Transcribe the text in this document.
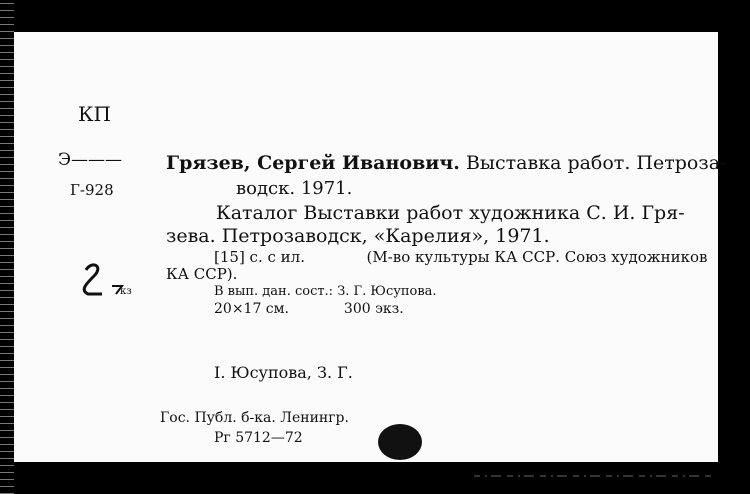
КП
Э———
Г-928
Грязев, Сергей Иванович. Выставка работ. Петроза-
водск. 1971.
Каталог Выставки работ художника С. И. Гря-
зева. Петрозаводск, «Карелия», 1971.
[15] с. с ил.	(М-во культуры КА ССР. Союз художников
КА ССР).
В вып. дан. сост.: З. Г. Юсупова.
20×17 см.	300 экз.
I. Юсупова, З. Г.
Гос. Публ. б-ка. Ленингр.
Рг 5712—72
кз
